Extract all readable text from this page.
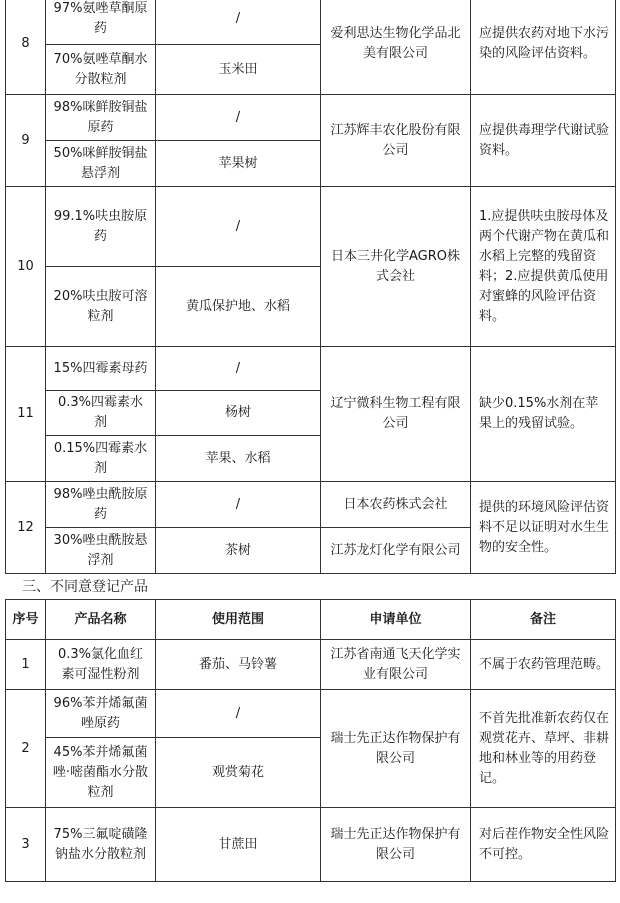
8	97%氨唑草酮原药	/	爱利思达生物化学品北美有限公司	应提供农药对地下水污染的风险评估资料。
	70%氨唑草酮水分散粒剂	玉米田		
9	98%咪鲜胺铜盐原药	/	江苏辉丰农化股份有限公司	应提供毒理学代谢试验资料。
	50%咪鲜胺铜盐悬浮剂	苹果树		
10	99.1%呋虫胺原药	/	日本三井化学AGRO株式会社	1.应提供呋虫胺母体及两个代谢产物在黄瓜和水稻上完整的残留资料；2.应提供黄瓜使用对蜜蜂的风险评估资料。
	20%呋虫胺可溶粒剂	黄瓜保护地、水稻		
11	15%四霉素母药	/	辽宁微科生物工程有限公司	缺少0.15%水剂在苹果上的残留试验。
	0.3%四霉素水剂	杨树		
	0.15%四霉素水剂	苹果、水稻		
12	98%唑虫酰胺原药	/	日本农药株式会社	提供的环境风险评估资料不足以证明对水生生物的安全性。
	30%唑虫酰胺悬浮剂	茶树	江苏龙灯化学有限公司	
三、不同意登记产品
序号	产品名称	使用范围	申请单位	备注
1	0.3%氯化血红素可湿性粉剂	番茄、马铃薯	江苏省南通飞天化学实业有限公司	不属于农药管理范畴。
2	96%苯并烯氟菌唑原药	/	瑞士先正达作物保护有限公司	不首先批准新农药仅在观赏花卉、草坪、非耕地和林业等的用药登记。
	45%苯并烯氟菌唑·嘧菌酯水分散粒剂	观赏菊花		
3	75%三氟啶磺隆钠盐水分散粒剂	甘蔗田	瑞士先正达作物保护有限公司	对后茬作物安全性风险不可控。
